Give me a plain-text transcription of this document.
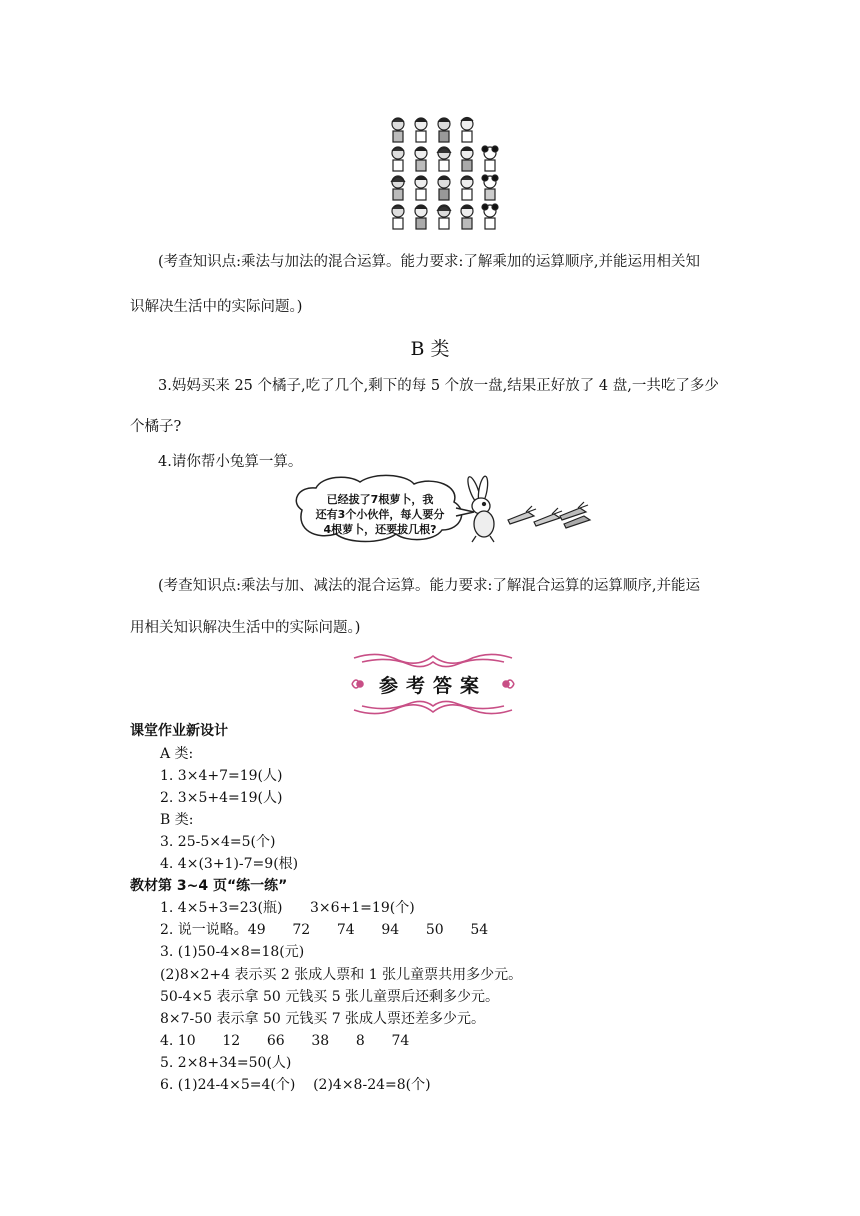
(考查知识点:乘法与加法的混合运算。能力要求:了解乘加的运算顺序,并能运用相关知
识解决生活中的实际问题。)
B 类
3.妈妈买来 25 个橘子,吃了几个,剩下的每 5 个放一盘,结果正好放了 4 盘,一共吃了多少
个橘子?
4.请你帮小兔算一算。
已经拔了7根萝卜，我
还有3个小伙伴，每人要分
4根萝卜，还要拔几根?
(考查知识点:乘法与加、减法的混合运算。能力要求:了解混合运算的运算顺序,并能运
用相关知识解决生活中的实际问题。)
参考答案
课堂作业新设计
A 类:
1. 3×4+7=19(人)
2. 3×5+4=19(人)
B 类:
3. 25-5×4=5(个)
4. 4×(3+1)-7=9(根)
教材第 3~4 页“练一练”
1. 4×5+3=23(瓶) 3×6+1=19(个)
2. 说一说略。49      72      74      94      50      54
3. (1)50-4×8=18(元)
(2)8×2+4 表示买 2 张成人票和 1 张儿童票共用多少元。
50-4×5 表示拿 50 元钱买 5 张儿童票后还剩多少元。
8×7-50 表示拿 50 元钱买 7 张成人票还差多少元。
4. 10      12      66      38      8      74
5. 2×8+34=50(人)
6. (1)24-4×5=4(个)    (2)4×8-24=8(个)
